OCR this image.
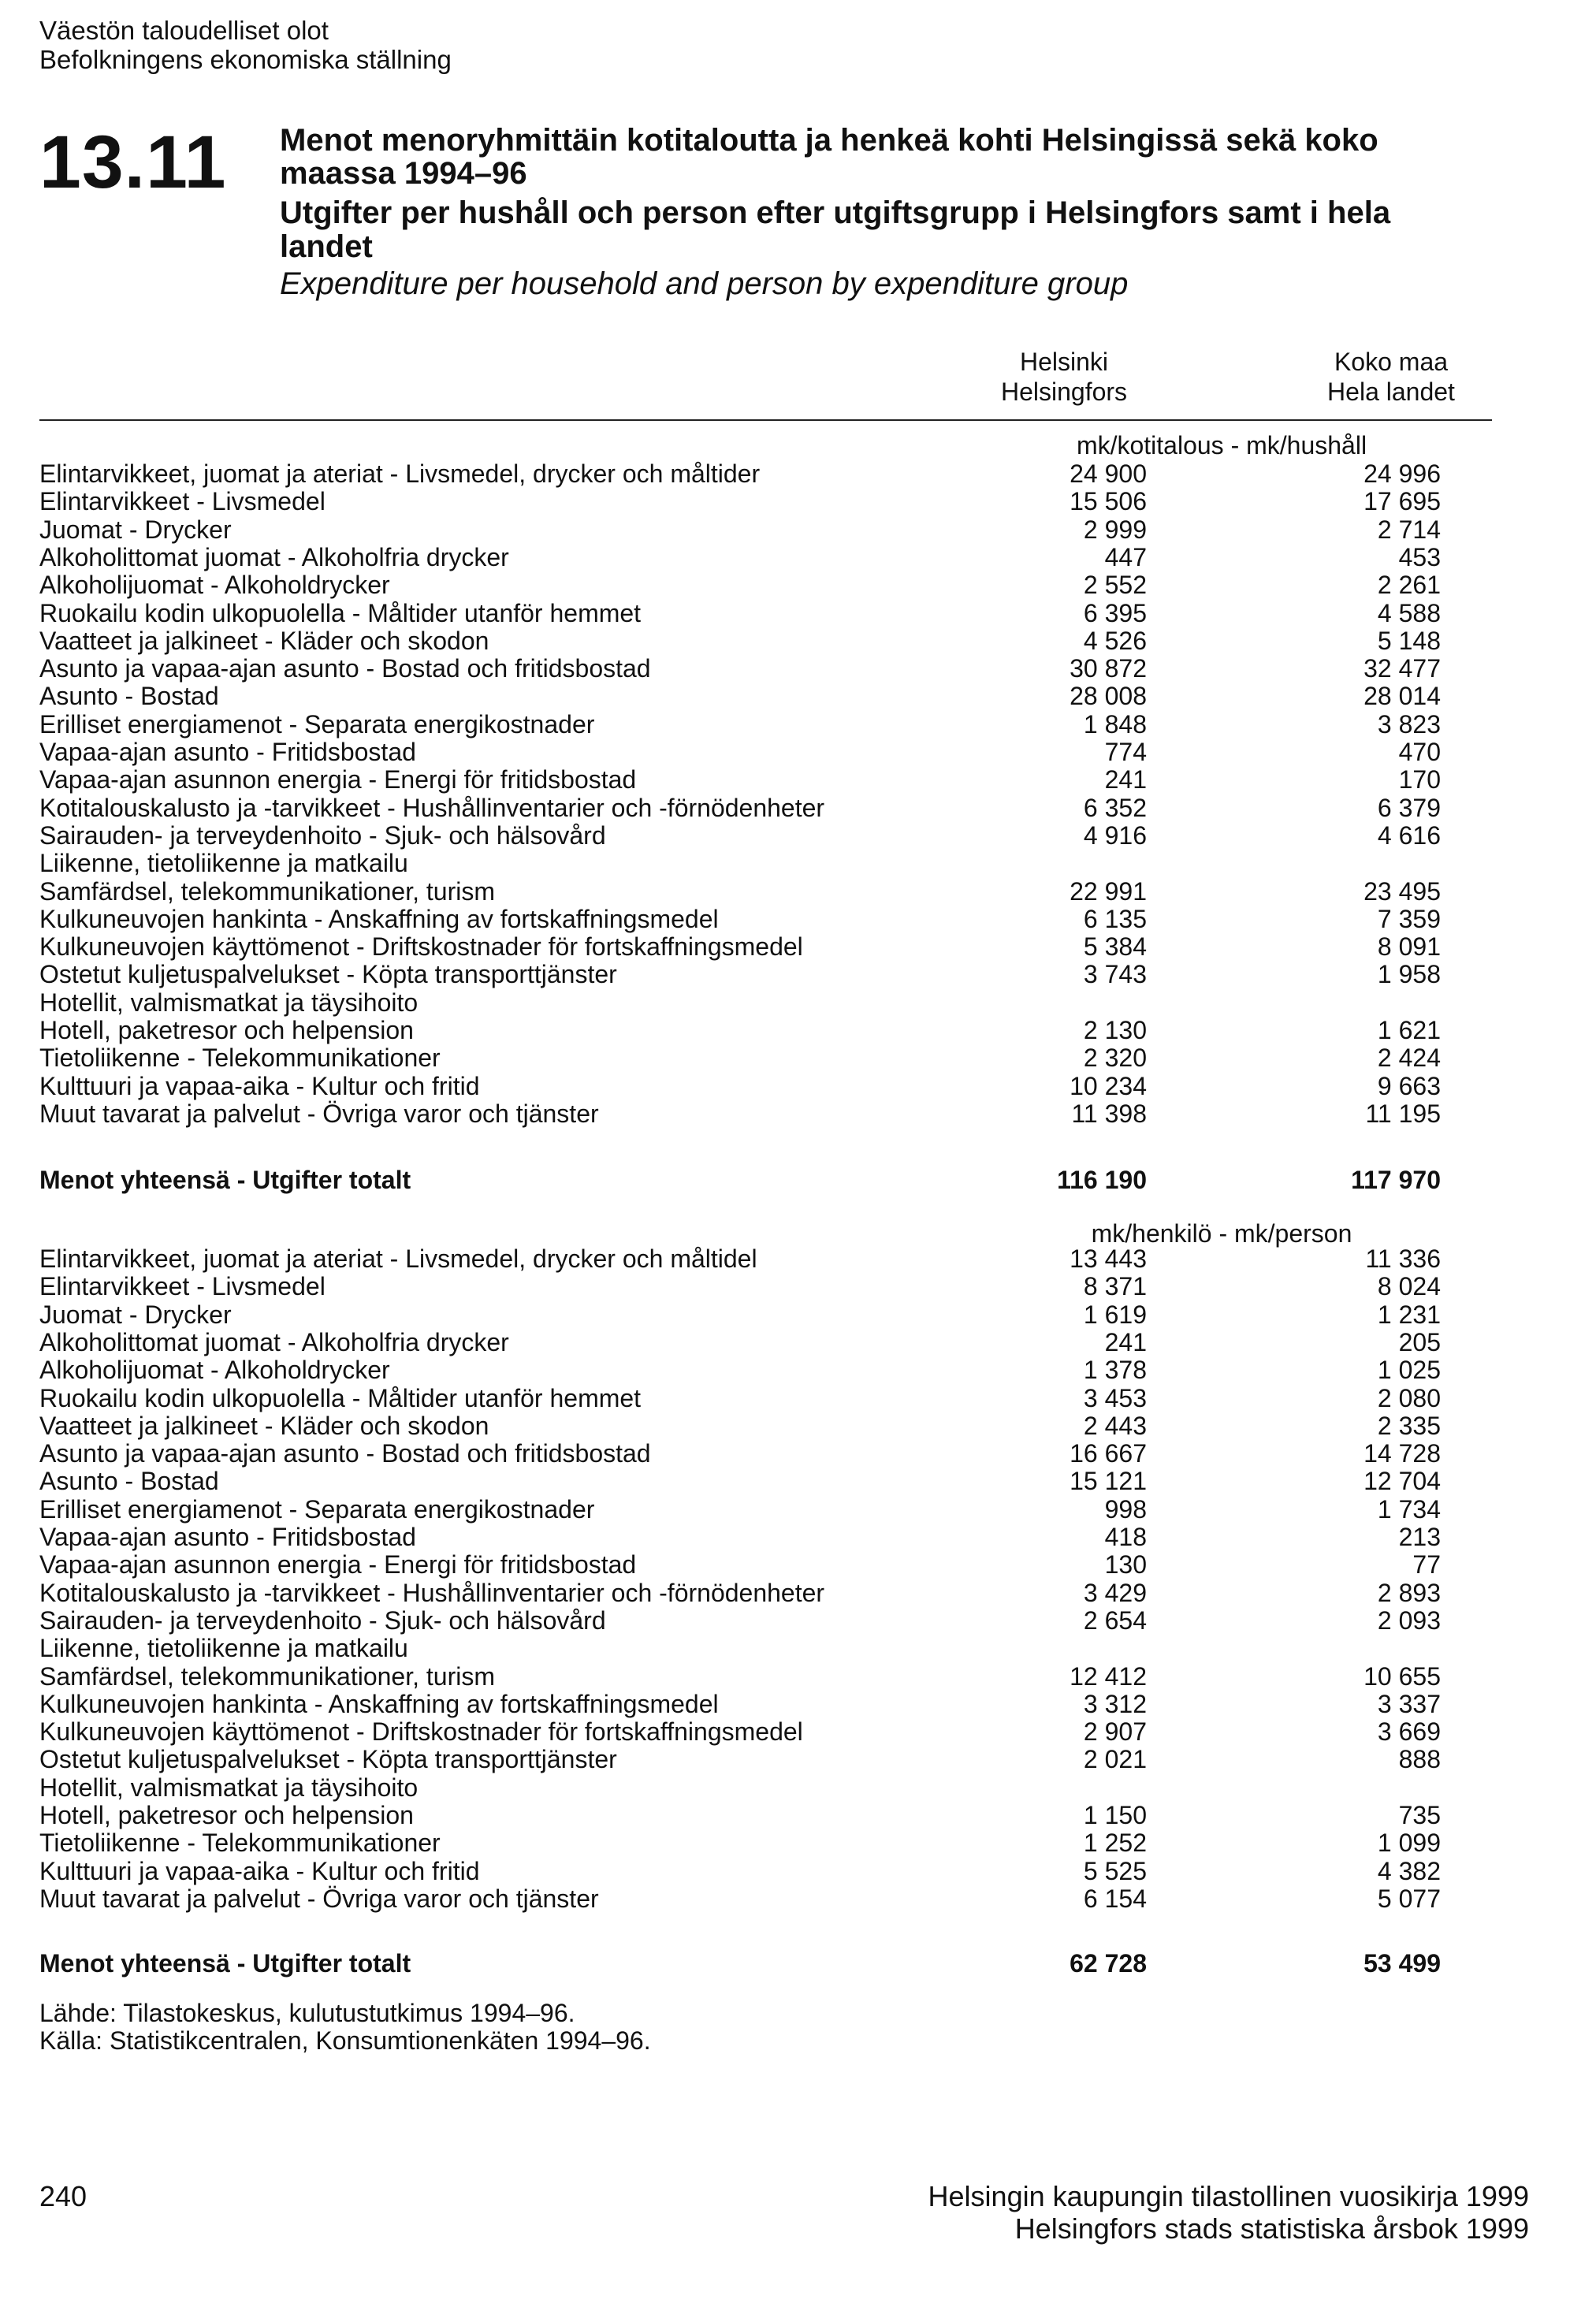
Väestön taloudelliset olot
Befolkningens ekonomiska ställning
13.11 Menot menoryhmittäin kotitaloutta ja henkeä kohti Helsingissä sekä koko
maassa 1994–96
Utgifter per hushåll och person efter utgiftsgrupp i Helsingfors samt i hela
landet
Expenditure per household and person by expenditure group
Helsinki
Helsingfors
Koko maa
Hela landet
mk/kotitalous - mk/hushåll
Elintarvikkeet, juomat ja ateriat - Livsmedel, drycker och måltider	24 900	24 996
Elintarvikkeet - Livsmedel	15 506	17 695
Juomat - Drycker	2 999	2 714
Alkoholittomat juomat - Alkoholfria drycker	447	453
Alkoholijuomat - Alkoholdrycker	2 552	2 261
Ruokailu kodin ulkopuolella - Måltider utanför hemmet	6 395	4 588
Vaatteet ja jalkineet - Kläder och skodon	4 526	5 148
Asunto ja vapaa-ajan asunto - Bostad och fritidsbostad	30 872	32 477
Asunto - Bostad	28 008	28 014
Erilliset energiamenot - Separata energikostnader	1 848	3 823
Vapaa-ajan asunto - Fritidsbostad	774	470
Vapaa-ajan asunnon energia - Energi för fritidsbostad	241	170
Kotitalouskalusto ja -tarvikkeet - Hushållinventarier och -förnödenheter	6 352	6 379
Sairauden- ja terveydenhoito - Sjuk- och hälsovård	4 916	4 616
Liikenne, tietoliikenne ja matkailu
Samfärdsel, telekommunikationer, turism	22 991	23 495
Kulkuneuvojen hankinta - Anskaffning av fortskaffningsmedel	6 135	7 359
Kulkuneuvojen käyttömenot - Driftskostnader för fortskaffningsmedel	5 384	8 091
Ostetut kuljetuspalvelukset - Köpta transporttjänster	3 743	1 958
Hotellit, valmismatkat ja täysihoito
Hotell, paketresor och helpension	2 130	1 621
Tietoliikenne - Telekommunikationer	2 320	2 424
Kulttuuri ja vapaa-aika - Kultur och fritid	10 234	9 663
Muut tavarat ja palvelut - Övriga varor och tjänster	11 398	11 195
Menot yhteensä - Utgifter totalt	116 190	117 970
mk/henkilö - mk/person
Elintarvikkeet, juomat ja ateriat - Livsmedel, drycker och måltidel	13 443	11 336
Elintarvikkeet - Livsmedel	8 371	8 024
Juomat - Drycker	1 619	1 231
Alkoholittomat juomat - Alkoholfria drycker	241	205
Alkoholijuomat - Alkoholdrycker	1 378	1 025
Ruokailu kodin ulkopuolella - Måltider utanför hemmet	3 453	2 080
Vaatteet ja jalkineet - Kläder och skodon	2 443	2 335
Asunto ja vapaa-ajan asunto - Bostad och fritidsbostad	16 667	14 728
Asunto - Bostad	15 121	12 704
Erilliset energiamenot - Separata energikostnader	998	1 734
Vapaa-ajan asunto - Fritidsbostad	418	213
Vapaa-ajan asunnon energia - Energi för fritidsbostad	130	77
Kotitalouskalusto ja -tarvikkeet - Hushållinventarier och -förnödenheter	3 429	2 893
Sairauden- ja terveydenhoito - Sjuk- och hälsovård	2 654	2 093
Liikenne, tietoliikenne ja matkailu
Samfärdsel, telekommunikationer, turism	12 412	10 655
Kulkuneuvojen hankinta - Anskaffning av fortskaffningsmedel	3 312	3 337
Kulkuneuvojen käyttömenot - Driftskostnader för fortskaffningsmedel	2 907	3 669
Ostetut kuljetuspalvelukset - Köpta transporttjänster	2 021	888
Hotellit, valmismatkat ja täysihoito
Hotell, paketresor och helpension	1 150	735
Tietoliikenne - Telekommunikationer	1 252	1 099
Kulttuuri ja vapaa-aika - Kultur och fritid	5 525	4 382
Muut tavarat ja palvelut - Övriga varor och tjänster	6 154	5 077
Menot yhteensä - Utgifter totalt	62 728	53 499
Lähde: Tilastokeskus, kulutustutkimus 1994–96.
Källa: Statistikcentralen, Konsumtionenkäten 1994–96.
240	Helsingin kaupungin tilastollinen vuosikirja 1999
Helsingfors stads statistiska årsbok 1999
